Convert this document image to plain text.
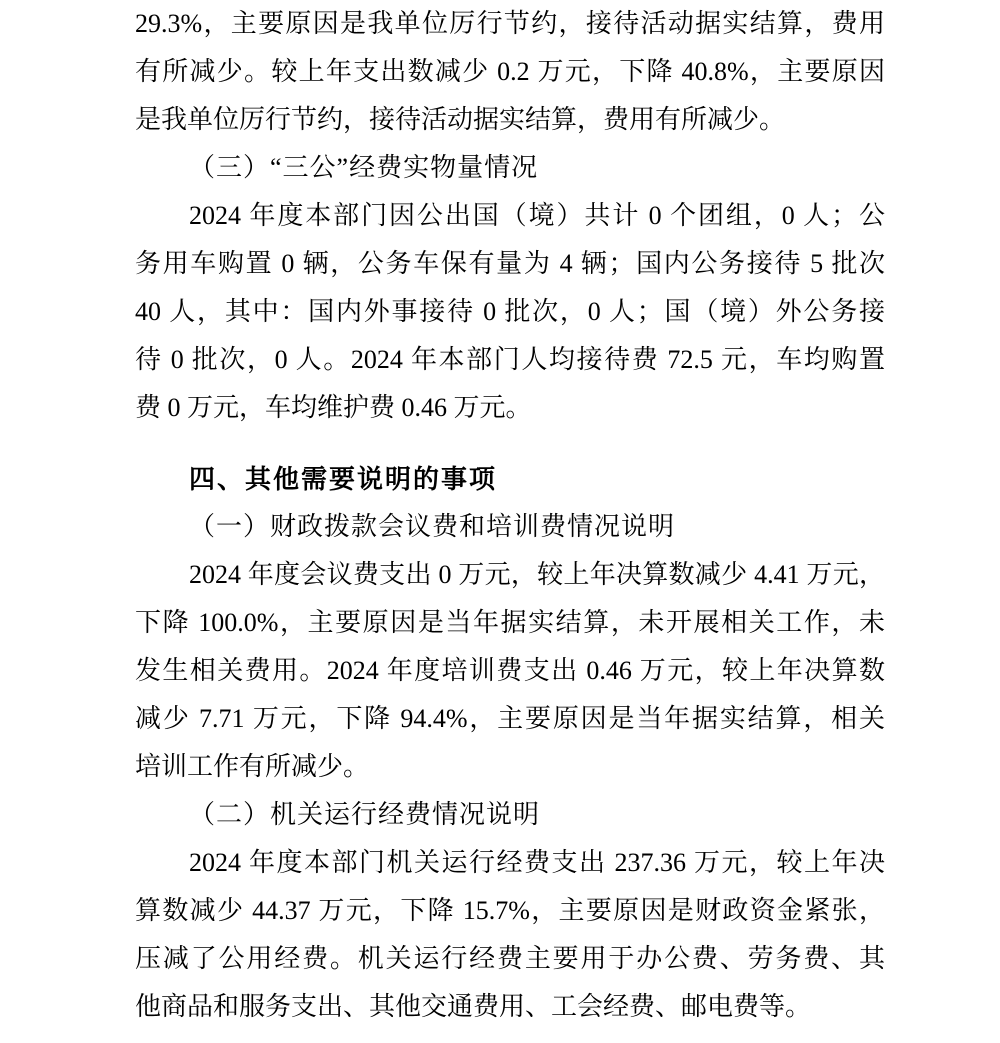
29.3%，主要原因是我单位厉行节约，接待活动据实结算，费用
有所减少。较上年支出数减少 0.2 万元，下降 40.8%，主要原因
是我单位厉行节约，接待活动据实结算，费用有所减少。
（三）“三公”经费实物量情况
2024 年度本部门因公出国（境）共计 0 个团组，0 人；公
务用车购置 0 辆，公务车保有量为 4 辆；国内公务接待 5 批次
40 人，其中：国内外事接待 0 批次，0 人；国（境）外公务接
待 0 批次，0 人。2024 年本部门人均接待费 72.5 元，车均购置
费 0 万元，车均维护费 0.46 万元。
四、其他需要说明的事项
（一）财政拨款会议费和培训费情况说明
2024 年度会议费支出 0 万元，较上年决算数减少 4.41 万元，
下降 100.0%，主要原因是当年据实结算，未开展相关工作，未
发生相关费用。2024 年度培训费支出 0.46 万元，较上年决算数
减少 7.71 万元，下降 94.4%，主要原因是当年据实结算，相关
培训工作有所减少。
（二）机关运行经费情况说明
2024 年度本部门机关运行经费支出 237.36 万元，较上年决
算数减少 44.37 万元，下降 15.7%，主要原因是财政资金紧张，
压减了公用经费。机关运行经费主要用于办公费、劳务费、其
他商品和服务支出、其他交通费用、工会经费、邮电费等。
